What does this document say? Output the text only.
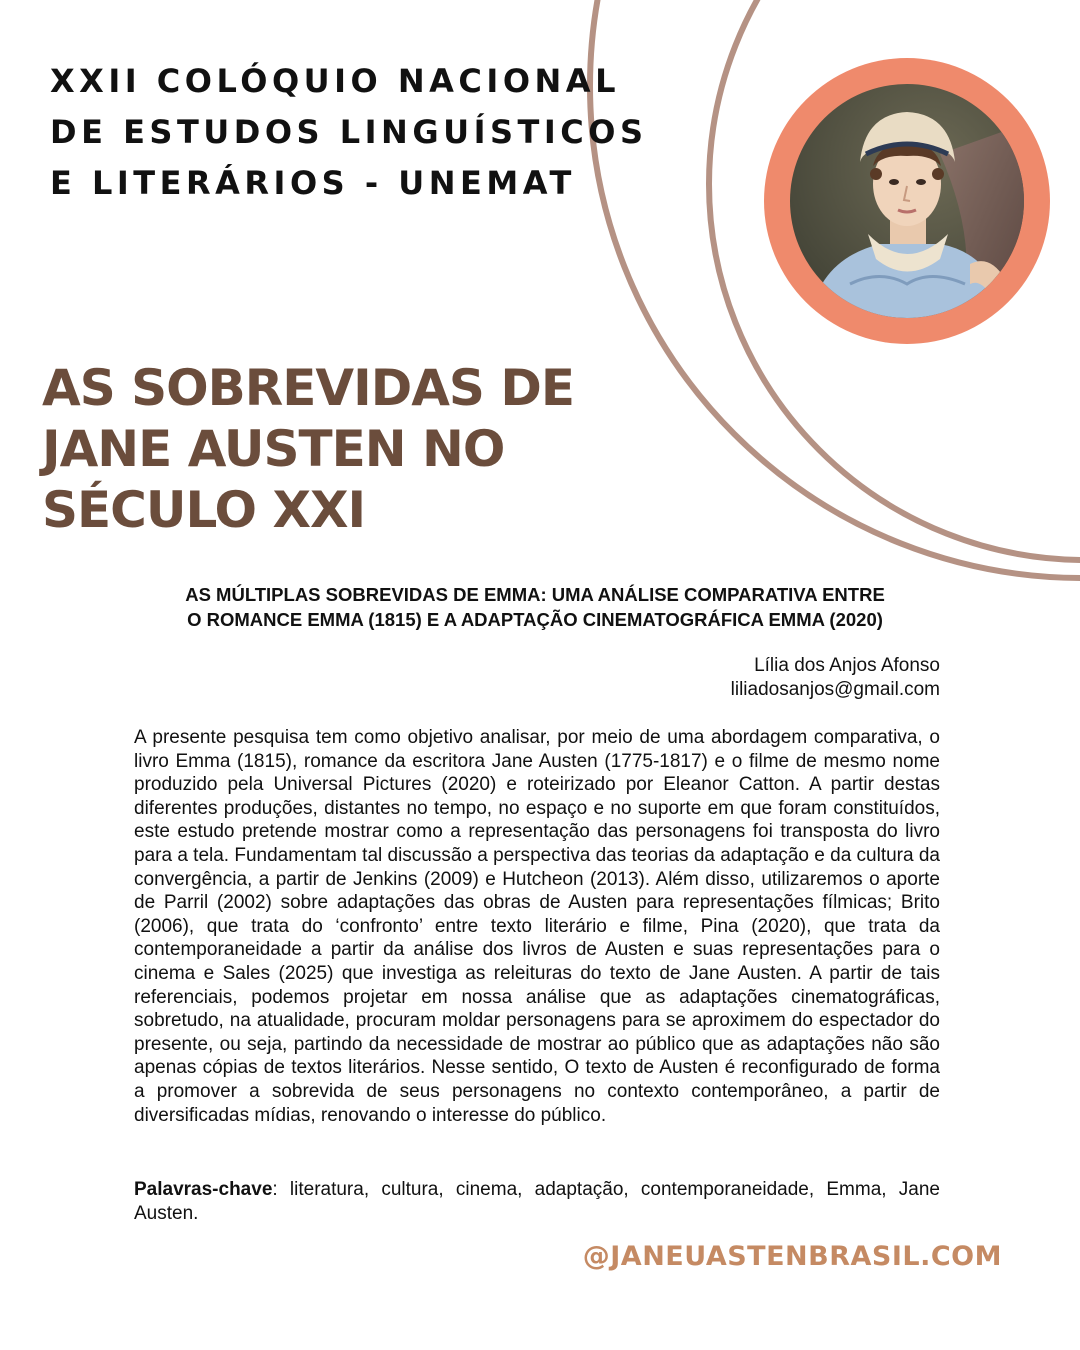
XXII COLÓQUIO NACIONAL
DE ESTUDOS LINGUÍSTICOS
E LITERÁRIOS - UNEMAT
AS SOBREVIDAS DE
JANE AUSTEN NO
SÉCULO XXI
AS MÚLTIPLAS SOBREVIDAS DE EMMA: UMA ANÁLISE COMPARATIVA ENTRE
O ROMANCE EMMA (1815) E A ADAPTAÇÃO CINEMATOGRÁFICA EMMA (2020)
Lília dos Anjos Afonso
liliadosanjos@gmail.com

A presente pesquisa tem como objetivo analisar, por meio de uma abordagem comparativa, o livro Emma (1815), romance da escritora Jane Austen (1775-1817) e o filme de mesmo nome produzido pela Universal Pictures (2020) e roteirizado por Eleanor Catton. A partir destas diferentes produções, distantes no tempo, no espaço e no suporte em que foram constituídos, este estudo pretende mostrar como a representação das personagens foi transposta do livro para a tela. Fundamentam tal discussão a perspectiva das teorias da adaptação e da cultura da convergência, a partir de Jenkins (2009) e Hutcheon (2013). Além disso, utilizaremos o aporte de Parril (2002) sobre adaptações das obras de Austen para representações fílmicas; Brito (2006), que trata do ‘confronto’ entre texto literário e filme, Pina (2020), que trata da contemporaneidade a partir da análise dos livros de Austen e suas representações para o cinema e Sales (2025) que investiga as releituras do texto de Jane Austen. A partir de tais referenciais, podemos projetar em nossa análise que as adaptações cinematográficas, sobretudo, na atualidade, procuram moldar personagens para se aproximem do espectador do presente, ou seja, partindo da necessidade de mostrar ao público que as adaptações não são apenas cópias de textos literários. Nesse sentido, O texto de Austen é reconfigurado de forma a promover a sobrevida de seus personagens no contexto contemporâneo, a partir de diversificadas mídias, renovando o interesse do público.

Palavras-chave: literatura, cultura, cinema, adaptação, contemporaneidade, Emma, Jane Austen.

@JANEUASTENBRASIL.COM
